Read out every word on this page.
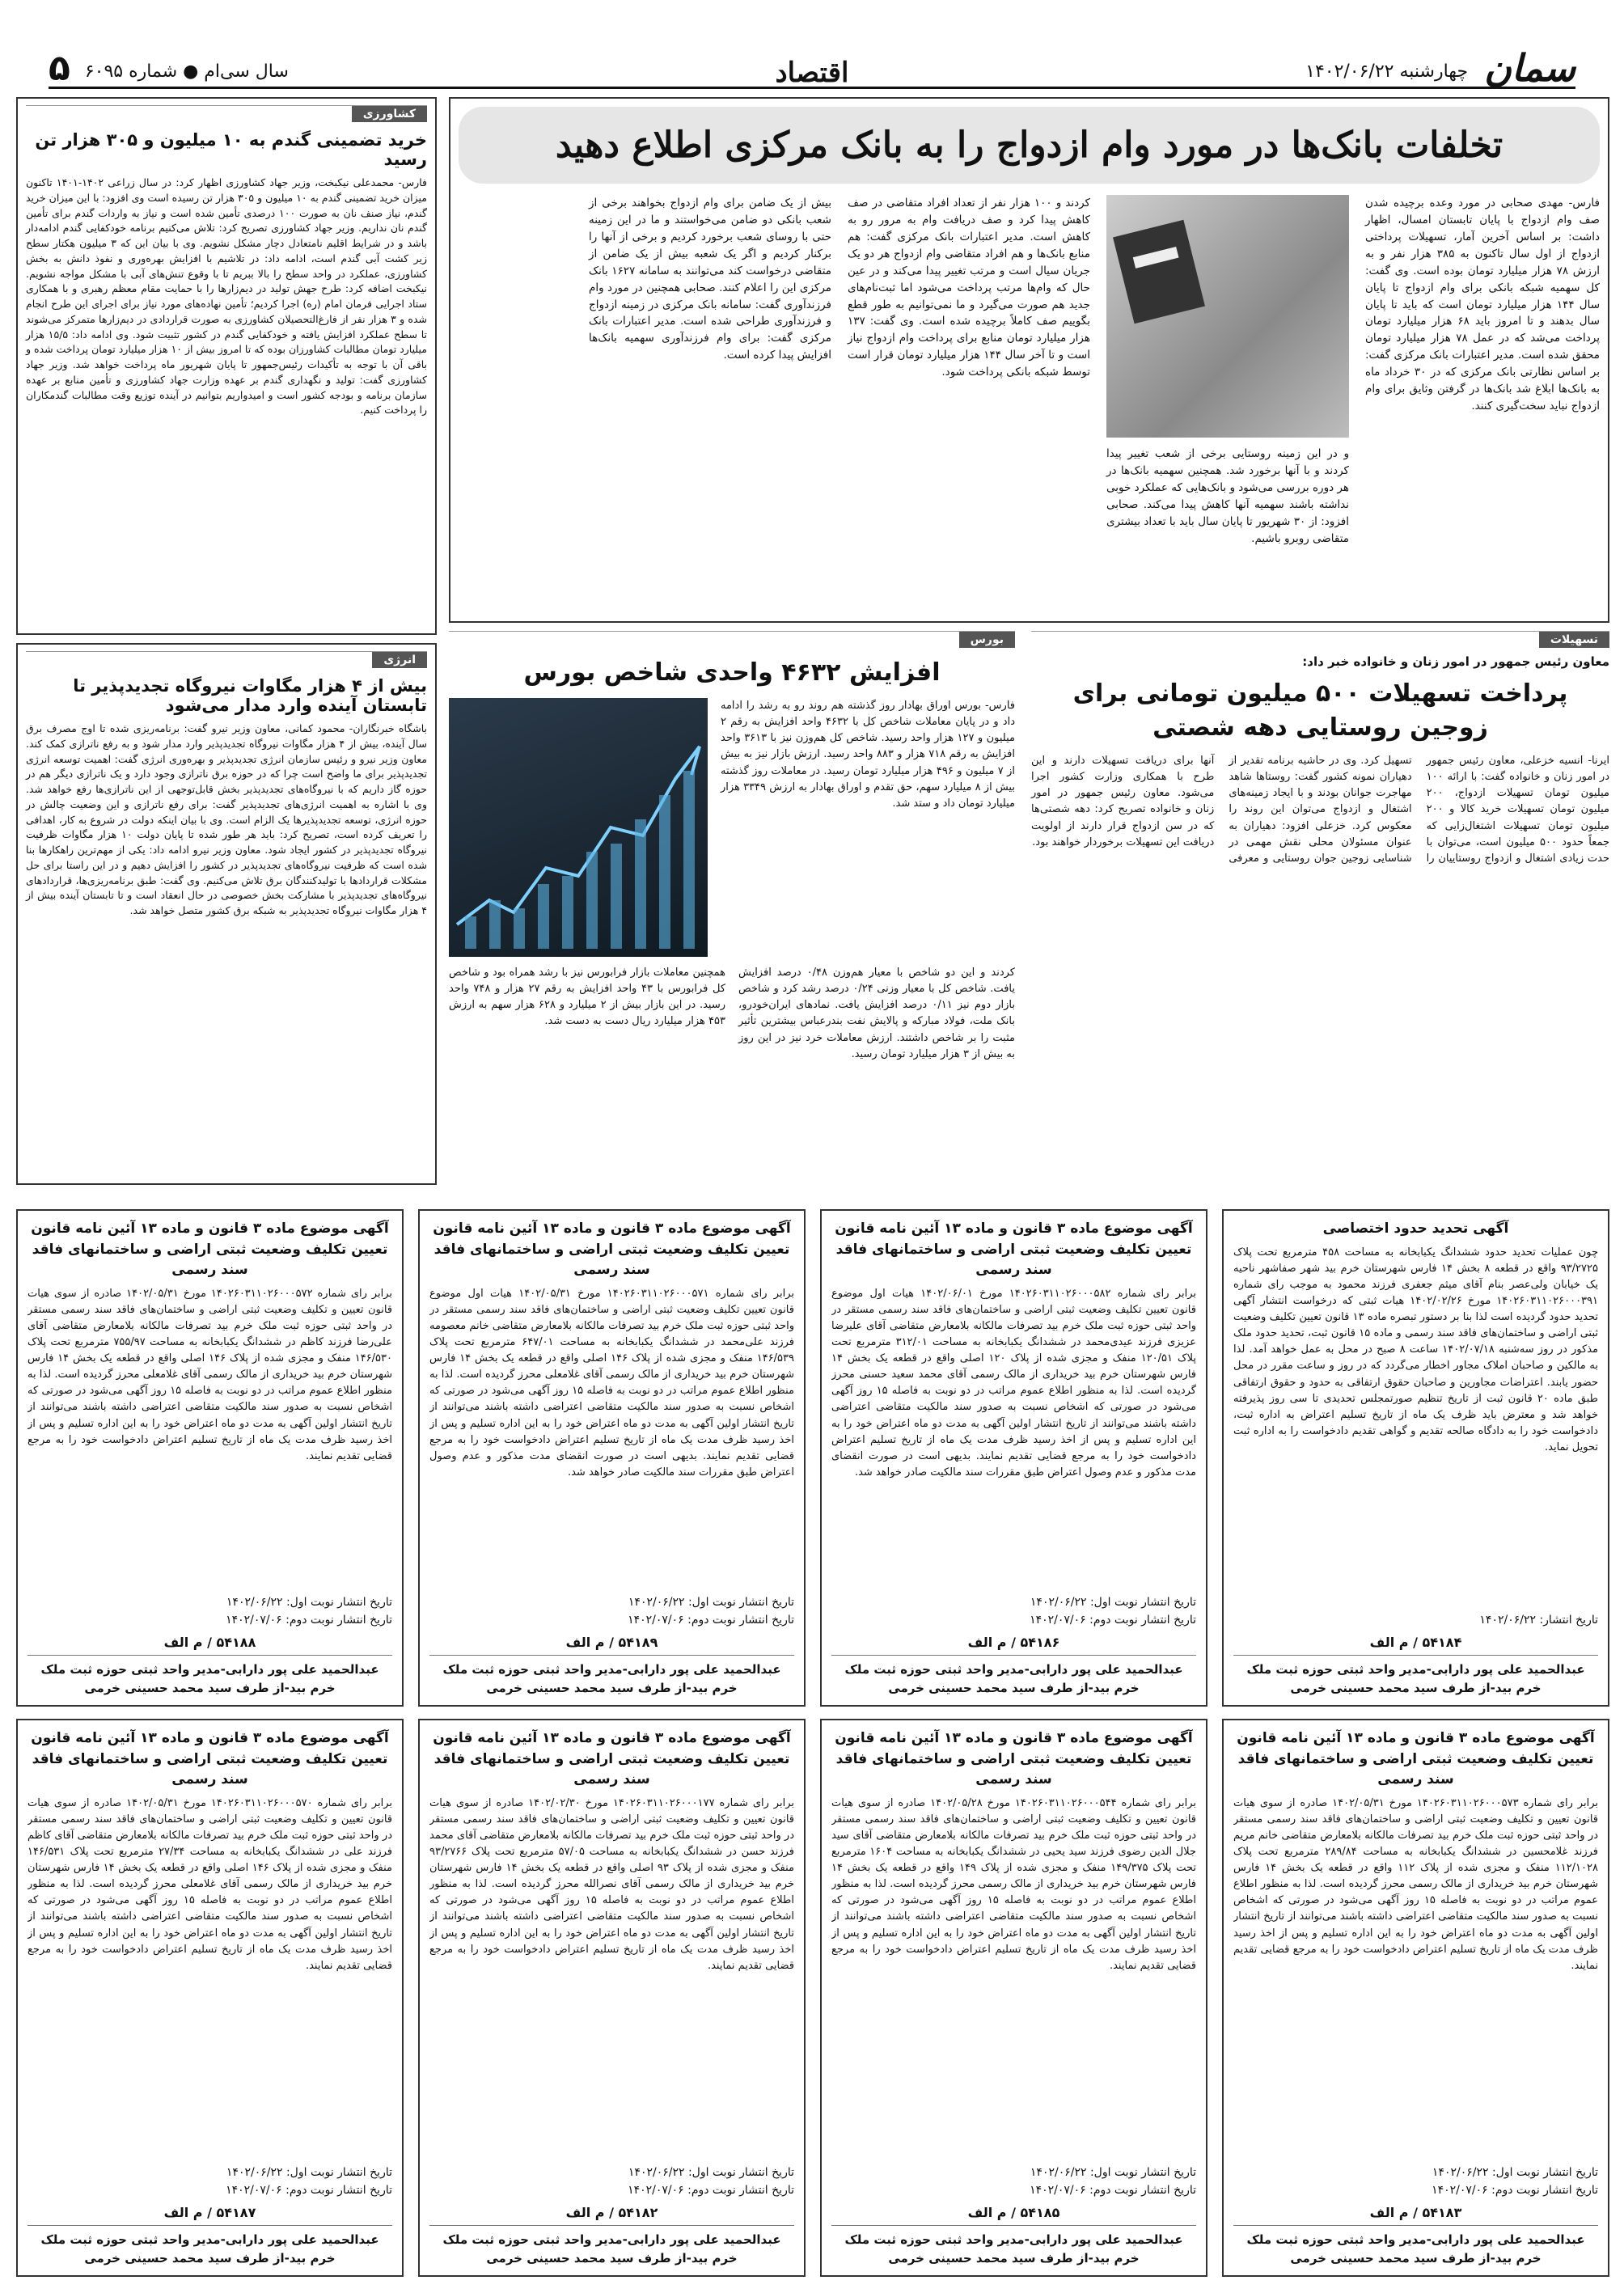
سمان
چهارشنبه ۱۴۰۲/۰۶/۲۲
اقتصاد
سال سی‌ام ● شماره ۶۰۹۵
۵
تخلفات بانک‌ها در مورد وام ازدواج را به بانک مرکزی اطلاع دهید

فارس- مهدی صحابی در مورد وعده برچیده شدن صف وام ازدواج با پایان تابستان امسال، اظهار داشت: بر اساس آخرین آمار، تسهیلات پرداختی ازدواج از اول سال تاکنون به ۳۸۵ هزار نفر و به ارزش ۷۸ هزار میلیارد تومان بوده است. وی گفت: کل سهمیه شبکه بانکی برای وام ازدواج تا پایان سال ۱۴۴ هزار میلیارد تومان است که باید تا پایان سال بدهند و تا امروز باید ۶۸ هزار میلیارد تومان پرداخت می‌شد که در عمل ۷۸ هزار میلیارد تومان محقق شده است. مدیر اعتبارات بانک مرکزی گفت: بر اساس نظارتی بانک مرکزی که در ۳۰ خرداد ماه به بانک‌ها ابلاغ شد بانک‌ها در گرفتن وثایق برای وام ازدواج نباید سخت‌گیری کنند.

و در این زمینه روستایی برخی از شعب تغییر پیدا کردند و با آنها برخورد شد. همچنین سهمیه بانک‌ها در هر دوره بررسی می‌شود و بانک‌هایی که عملکرد خوبی نداشته باشند سهمیه آنها کاهش پیدا می‌کند. صحابی افزود: از ۳۰ شهریور تا پایان سال باید با تعداد بیشتری متقاضی روبرو باشیم.

کردند و ۱۰۰ هزار نفر از تعداد افراد متقاضی در صف کاهش پیدا کرد و صف دریافت وام به مرور رو به کاهش است. مدیر اعتبارات بانک مرکزی گفت: هم منابع بانک‌ها و هم افراد متقاضی وام ازدواج هر دو یک جریان سیال است و مرتب تغییر پیدا می‌کند و در عین حال که وام‌ها مرتب پرداخت می‌شود اما ثبت‌نام‌های جدید هم صورت می‌گیرد و ما نمی‌توانیم به طور قطع بگوییم صف کاملاً برچیده شده است. وی گفت: ۱۳۷ هزار میلیارد تومان منابع برای پرداخت وام ازدواج نیاز است و تا آخر سال ۱۴۴ هزار میلیارد تومان قرار است توسط شبکه بانکی پرداخت شود.

بیش از یک ضامن برای وام ازدواج بخواهند برخی از شعب بانکی دو ضامن می‌خواستند و ما در این زمینه حتی با روسای شعب برخورد کردیم و برخی از آنها را برکنار کردیم و اگر یک شعبه بیش از یک ضامن از متقاضی درخواست کند می‌توانند به سامانه ۱۶۲۷ بانک مرکزی این را اعلام کنند. صحابی همچنین در مورد وام فرزندآوری گفت: سامانه بانک مرکزی در زمینه ازدواج و فرزندآوری طراحی شده است. مدیر اعتبارات بانک مرکزی گفت: برای وام فرزندآوری سهمیه بانک‌ها افزایش پیدا کرده است.

کشاورزی
خرید تضمینی گندم به ۱۰ میلیون و ۳۰۵ هزار تن رسید

فارس- محمدعلی نیکبخت، وزیر جهاد کشاورزی اظهار کرد: در سال زراعی ۱۴۰۲-۱۴۰۱ تاکنون میزان خرید تضمینی گندم به ۱۰ میلیون و ۳۰۵ هزار تن رسیده است وی افزود: با این میزان خرید گندم، نیاز صنف نان به صورت ۱۰۰ درصدی تأمین شده است و نیاز به واردات گندم برای تأمین گندم نان نداریم. وزیر جهاد کشاورزی تصریح کرد: تلاش می‌کنیم برنامه خودکفایی گندم ادامه‌دار باشد و در شرایط اقلیم نامتعادل دچار مشکل نشویم. وی با بیان این که ۳ میلیون هکتار سطح زیر کشت آبی گندم است، ادامه داد: در تلاشیم با افزایش بهره‌وری و نفوذ دانش به بخش کشاورزی، عملکرد در واحد سطح را بالا ببریم تا با وقوع تنش‌های آبی با مشکل مواجه نشویم. نیکبخت اضافه کرد: طرح جهش تولید در دیم‌زارها را با حمایت مقام معظم رهبری و با همکاری ستاد اجرایی فرمان امام (ره) اجرا کردیم؛ تأمین نهاده‌های مورد نیاز برای اجرای این طرح انجام شده و ۳ هزار نفر از فارغ‌التحصیلان کشاورزی به صورت قراردادی در دیم‌زارها متمرکز می‌شوند تا سطح عملکرد افزایش یافته و خودکفایی گندم در کشور تثبیت شود. وی ادامه داد: ۱۵/۵ هزار میلیارد تومان مطالبات کشاورزان بوده که تا امروز بیش از ۱۰ هزار میلیارد تومان پرداخت شده و باقی آن با توجه به تأکیدات رئیس‌جمهور تا پایان شهریور ماه پرداخت خواهد شد. وزیر جهاد کشاورزی گفت: تولید و نگهداری گندم بر عهده وزارت جهاد کشاورزی و تأمین منابع بر عهده سازمان برنامه و بودجه کشور است و امیدواریم بتوانیم در آینده توزیع وقت مطالبات گندمکاران را پرداخت کنیم.

انرژی
بیش از ۴ هزار مگاوات نیروگاه تجدیدپذیر تا تابستان آینده وارد مدار می‌شود

باشگاه خبرنگاران- محمود کمانی، معاون وزیر نیرو گفت: برنامه‌ریزی شده تا اوج مصرف برق سال آینده، بیش از ۴ هزار مگاوات نیروگاه تجدیدپذیر وارد مدار شود و به رفع ناترازی کمک کند. معاون وزیر نیرو و رئیس سازمان انرژی تجدیدپذیر و بهره‌وری انرژی گفت: اهمیت توسعه انرژی تجدیدپذیر برای ما واضح است چرا که در حوزه برق ناترازی وجود دارد و یک ناترازی دیگر هم در حوزه گاز داریم که با نیروگاه‌های تجدیدپذیر بخش قابل‌توجهی از این ناترازی‌ها رفع خواهد شد. وی با اشاره به اهمیت انرژی‌های تجدیدپذیر گفت: برای رفع ناترازی و این وضعیت چالش در حوزه انرژی، توسعه تجدیدپذیرها یک الزام است. وی با بیان اینکه دولت در شروع به کار، اهدافی را تعریف کرده است، تصریح کرد: باید هر طور شده تا پایان دولت ۱۰ هزار مگاوات ظرفیت نیروگاه تجدیدپذیر در کشور ایجاد شود. معاون وزیر نیرو ادامه داد: یکی از مهم‌ترین راهکارها بنا شده است که ظرفیت نیروگاه‌های تجدیدپذیر در کشور را افزایش دهیم و در این راستا برای حل مشکلات قراردادها با تولیدکنندگان برق تلاش می‌کنیم. وی گفت: طبق برنامه‌ریزی‌ها، قراردادهای نیروگاه‌های تجدیدپذیر با مشارکت بخش خصوصی در حال انعقاد است و تا تابستان آینده بیش از ۴ هزار مگاوات نیروگاه تجدیدپذیر به شبکه برق کشور متصل خواهد شد.

تسهیلات
معاون رئیس جمهور در امور زنان و خانواده خبر داد:
پرداخت تسهیلات ۵۰۰ میلیون تومانی برای زوجین روستایی دهه شصتی

ایرنا- انسیه خزعلی، معاون رئیس جمهور در امور زنان و خانواده گفت: با ارائه ۱۰۰ میلیون تومان تسهیلات ازدواج، ۲۰۰ میلیون تومان تسهیلات خرید کالا و ۲۰۰ میلیون تومان تسهیلات اشتغال‌زایی که جمعاً حدود ۵۰۰ میلیون است، می‌توان با حدت زیادی اشتغال و ازدواج روستاییان را تسهیل کرد. وی در حاشیه برنامه تقدیر از دهیاران نمونه کشور گفت: روستاها شاهد مهاجرت جوانان بودند و با ایجاد زمینه‌های اشتغال و ازدواج می‌توان این روند را معکوس کرد. خزعلی افزود: دهیاران به عنوان مسئولان محلی نقش مهمی در شناسایی زوجین جوان روستایی و معرفی آنها برای دریافت تسهیلات دارند و این طرح با همکاری وزارت کشور اجرا می‌شود. معاون رئیس جمهور در امور زنان و خانواده تصریح کرد: دهه شصتی‌ها که در سن ازدواج قرار دارند از اولویت دریافت این تسهیلات برخوردار خواهند بود.

بورس
افزایش ۴۶۳۲ واحدی شاخص بورس

فارس- بورس اوراق بهادار روز گذشته هم روند رو به رشد را ادامه داد و در پایان معاملات شاخص کل با ۴۶۳۲ واحد افزایش به رقم ۲ میلیون و ۱۲۷ هزار واحد رسید. شاخص کل هم‌وزن نیز با ۳۶۱۳ واحد افزایش به رقم ۷۱۸ هزار و ۸۸۳ واحد رسید. ارزش بازار نیز به بیش از ۷ میلیون و ۴۹۶ هزار میلیارد تومان رسید. در معاملات روز گذشته بیش از ۸ میلیارد سهم، حق تقدم و اوراق بهادار به ارزش ۳۳۴۹ هزار میلیارد تومان داد و ستد شد.

کردند و این دو شاخص با معیار هم‌وزن ۰/۴۸ درصد افزایش یافت. شاخص کل با معیار وزنی ۰/۲۴ درصد رشد کرد و شاخص بازار دوم نیز ۰/۱۱ درصد افزایش یافت. نمادهای ایران‌خودرو، بانک ملت، فولاد مبارکه و پالایش نفت بندرعباس بیشترین تأثیر مثبت را بر شاخص داشتند. ارزش معاملات خرد نیز در این روز به بیش از ۳ هزار میلیارد تومان رسید.

همچنین معاملات بازار فرابورس نیز با رشد همراه بود و شاخص کل فرابورس با ۴۳ واحد افزایش به رقم ۲۷ هزار و ۷۴۸ واحد رسید. در این بازار بیش از ۲ میلیارد و ۶۲۸ هزار سهم به ارزش ۴۵۳ هزار میلیارد ریال دست به دست شد.

آگهی تحدید حدود اختصاصی
چون عملیات تحدید حدود ششدانگ یکبابخانه به مساحت ۴۵۸ مترمربع تحت پلاک ۹۳/۲۷۲۵ واقع در قطعه ۸ بخش ۱۴ فارس شهرستان خرم بید شهر صفاشهر ناحیه یک خیابان ولی‌عصر بنام آقای میثم جعفری فرزند محمود به موجب رای شماره ۱۴۰۲۶۰۳۱۱۰۲۶۰۰۰۳۹۱ مورخ ۱۴۰۲/۰۲/۲۶ هیات ثبتی که درخواست انتشار آگهی تحدید حدود گردیده است لذا بنا بر دستور تبصره ماده ۱۳ قانون تعیین تکلیف وضعیت ثبتی اراضی و ساختمان‌های فاقد سند رسمی و ماده ۱۵ قانون ثبت، تحدید حدود ملک مذکور در روز سه‌شنبه ۱۴۰۲/۰۷/۱۸ ساعت ۸ صبح در محل به عمل خواهد آمد. لذا به مالکین و صاحبان املاک مجاور اخطار می‌گردد که در روز و ساعت مقرر در محل حضور یابند. اعتراضات مجاورین و صاحبان حقوق ارتفاقی به حدود و حقوق ارتفاقی طبق ماده ۲۰ قانون ثبت از تاریخ تنظیم صورتمجلس تحدیدی تا سی روز پذیرفته خواهد شد و معترض باید ظرف یک ماه از تاریخ تسلیم اعتراض به اداره ثبت، دادخواست خود را به دادگاه صالحه تقدیم و گواهی تقدیم دادخواست را به اداره ثبت تحویل نماید.
تاریخ انتشار: ۱۴۰۲/۰۶/۲۲
۵۴۱۸۴ / م الف
عبدالحمید علی پور دارابی-مدیر واحد ثبتی حوزه ثبت ملک خرم بید-از طرف سید محمد حسینی خرمی
آگهی موضوع ماده ۳ قانون و ماده ۱۳ آئین نامه قانون تعیین تکلیف وضعیت ثبتی اراضی و ساختمانهای فاقد سند رسمی
برابر رای شماره ۱۴۰۲۶۰۳۱۱۰۲۶۰۰۰۵۸۲ مورخ ۱۴۰۲/۰۶/۰۱ هیات اول موضوع قانون تعیین تکلیف وضعیت ثبتی اراضی و ساختمان‌های فاقد سند رسمی مستقر در واحد ثبتی حوزه ثبت ملک خرم بید تصرفات مالکانه بلامعارض متقاضی آقای علیرضا عزیزی فرزند عیدی‌محمد در ششدانگ یکبابخانه به مساحت ۳۱۲/۰۱ مترمربع تحت پلاک ۱۲۰/۵۱ منفک و مجزی شده از پلاک ۱۲۰ اصلی واقع در قطعه یک بخش ۱۴ فارس شهرستان خرم بید خریداری از مالک رسمی آقای محمد سعید حسنی محرز گردیده است. لذا به منظور اطلاع عموم مراتب در دو نوبت به فاصله ۱۵ روز آگهی می‌شود در صورتی که اشخاص نسبت به صدور سند مالکیت متقاضی اعتراضی داشته باشند می‌توانند از تاریخ انتشار اولین آگهی به مدت دو ماه اعتراض خود را به این اداره تسلیم و پس از اخذ رسید ظرف مدت یک ماه از تاریخ تسلیم اعتراض دادخواست خود را به مرجع قضایی تقدیم نمایند. بدیهی است در صورت انقضای مدت مذکور و عدم وصول اعتراض طبق مقررات سند مالکیت صادر خواهد شد.
تاریخ انتشار نوبت اول: ۱۴۰۲/۰۶/۲۲
تاریخ انتشار نوبت دوم: ۱۴۰۲/۰۷/۰۶
۵۴۱۸۶ / م الف
عبدالحمید علی پور دارابی-مدیر واحد ثبتی حوزه ثبت ملک خرم بید-از طرف سید محمد حسینی خرمی
آگهی موضوع ماده ۳ قانون و ماده ۱۳ آئین نامه قانون تعیین تکلیف وضعیت ثبتی اراضی و ساختمانهای فاقد سند رسمی
برابر رای شماره ۱۴۰۲۶۰۳۱۱۰۲۶۰۰۰۵۷۱ مورخ ۱۴۰۲/۰۵/۳۱ هیات اول موضوع قانون تعیین تکلیف وضعیت ثبتی اراضی و ساختمان‌های فاقد سند رسمی مستقر در واحد ثبتی حوزه ثبت ملک خرم بید تصرفات مالکانه بلامعارض متقاضی خانم معصومه فرزند علی‌محمد در ششدانگ یکبابخانه به مساحت ۶۴۷/۰۱ مترمربع تحت پلاک ۱۴۶/۵۳۹ منفک و مجزی شده از پلاک ۱۴۶ اصلی واقع در قطعه یک بخش ۱۴ فارس شهرستان خرم بید خریداری از مالک رسمی آقای غلامعلی محرز گردیده است. لذا به منظور اطلاع عموم مراتب در دو نوبت به فاصله ۱۵ روز آگهی می‌شود در صورتی که اشخاص نسبت به صدور سند مالکیت متقاضی اعتراضی داشته باشند می‌توانند از تاریخ انتشار اولین آگهی به مدت دو ماه اعتراض خود را به این اداره تسلیم و پس از اخذ رسید ظرف مدت یک ماه از تاریخ تسلیم اعتراض دادخواست خود را به مرجع قضایی تقدیم نمایند. بدیهی است در صورت انقضای مدت مذکور و عدم وصول اعتراض طبق مقررات سند مالکیت صادر خواهد شد.
تاریخ انتشار نوبت اول: ۱۴۰۲/۰۶/۲۲
تاریخ انتشار نوبت دوم: ۱۴۰۲/۰۷/۰۶
۵۴۱۸۹ / م الف
عبدالحمید علی پور دارابی-مدیر واحد ثبتی حوزه ثبت ملک خرم بید-از طرف سید محمد حسینی خرمی
آگهی موضوع ماده ۳ قانون و ماده ۱۳ آئین نامه قانون تعیین تکلیف وضعیت ثبتی اراضی و ساختمانهای فاقد سند رسمی
برابر رای شماره ۱۴۰۲۶۰۳۱۱۰۲۶۰۰۰۵۷۲ مورخ ۱۴۰۲/۰۵/۳۱ صادره از سوی هیات قانون تعیین و تکلیف وضعیت ثبتی اراضی و ساختمان‌های فاقد سند رسمی مستقر در واحد ثبتی حوزه ثبت ملک خرم بید تصرفات مالکانه بلامعارض متقاضی آقای علی‌رضا فرزند کاظم در ششدانگ یکبابخانه به مساحت ۷۵۵/۹۷ مترمربع تحت پلاک ۱۴۶/۵۳۰ منفک و مجزی شده از پلاک ۱۴۶ اصلی واقع در قطعه یک بخش ۱۴ فارس شهرستان خرم بید خریداری از مالک رسمی آقای غلامعلی محرز گردیده است. لذا به منظور اطلاع عموم مراتب در دو نوبت به فاصله ۱۵ روز آگهی می‌شود در صورتی که اشخاص نسبت به صدور سند مالکیت متقاضی اعتراضی داشته باشند می‌توانند از تاریخ انتشار اولین آگهی به مدت دو ماه اعتراض خود را به این اداره تسلیم و پس از اخذ رسید ظرف مدت یک ماه از تاریخ تسلیم اعتراض دادخواست خود را به مرجع قضایی تقدیم نمایند.
تاریخ انتشار نوبت اول: ۱۴۰۲/۰۶/۲۲
تاریخ انتشار نوبت دوم: ۱۴۰۲/۰۷/۰۶
۵۴۱۸۸ / م الف
عبدالحمید علی پور دارابی-مدیر واحد ثبتی حوزه ثبت ملک خرم بید-از طرف سید محمد حسینی خرمی
آگهی موضوع ماده ۳ قانون و ماده ۱۳ آئین نامه قانون تعیین تکلیف وضعیت ثبتی اراضی و ساختمانهای فاقد سند رسمی
برابر رای شماره ۱۴۰۲۶۰۳۱۱۰۲۶۰۰۰۵۷۳ مورخ ۱۴۰۲/۰۵/۳۱ صادره از سوی هیات قانون تعیین و تکلیف وضعیت ثبتی اراضی و ساختمان‌های فاقد سند رسمی مستقر در واحد ثبتی حوزه ثبت ملک خرم بید تصرفات مالکانه بلامعارض متقاضی خانم مریم فرزند غلامحسین در ششدانگ یکبابخانه به مساحت ۲۸۹/۸۴ مترمربع تحت پلاک ۱۱۲/۱۰۲۸ منفک و مجزی شده از پلاک ۱۱۲ واقع در قطعه یک بخش ۱۴ فارس شهرستان خرم بید خریداری از مالک رسمی محرز گردیده است. لذا به منظور اطلاع عموم مراتب در دو نوبت به فاصله ۱۵ روز آگهی می‌شود در صورتی که اشخاص نسبت به صدور سند مالکیت متقاضی اعتراضی داشته باشند می‌توانند از تاریخ انتشار اولین آگهی به مدت دو ماه اعتراض خود را به این اداره تسلیم و پس از اخذ رسید ظرف مدت یک ماه از تاریخ تسلیم اعتراض دادخواست خود را به مرجع قضایی تقدیم نمایند.
تاریخ انتشار نوبت اول: ۱۴۰۲/۰۶/۲۲
تاریخ انتشار نوبت دوم: ۱۴۰۲/۰۷/۰۶
۵۴۱۸۳ / م الف
عبدالحمید علی پور دارابی-مدیر واحد ثبتی حوزه ثبت ملک خرم بید-از طرف سید محمد حسینی خرمی
آگهی موضوع ماده ۳ قانون و ماده ۱۳ آئین نامه قانون تعیین تکلیف وضعیت ثبتی اراضی و ساختمانهای فاقد سند رسمی
برابر رای شماره ۱۴۰۲۶۰۳۱۱۰۲۶۰۰۰۵۴۴ مورخ ۱۴۰۲/۰۵/۲۸ صادره از سوی هیات قانون تعیین و تکلیف وضعیت ثبتی اراضی و ساختمان‌های فاقد سند رسمی مستقر در واحد ثبتی حوزه ثبت ملک خرم بید تصرفات مالکانه بلامعارض متقاضی آقای سید جلال الدین رضوی فرزند سید یحیی در ششدانگ یکبابخانه به مساحت ۱۶۰۴ مترمربع تحت پلاک ۱۴۹/۳۷۵ منفک و مجزی شده از پلاک ۱۴۹ واقع در قطعه یک بخش ۱۴ فارس شهرستان خرم بید خریداری از مالک رسمی محرز گردیده است. لذا به منظور اطلاع عموم مراتب در دو نوبت به فاصله ۱۵ روز آگهی می‌شود در صورتی که اشخاص نسبت به صدور سند مالکیت متقاضی اعتراضی داشته باشند می‌توانند از تاریخ انتشار اولین آگهی به مدت دو ماه اعتراض خود را به این اداره تسلیم و پس از اخذ رسید ظرف مدت یک ماه از تاریخ تسلیم اعتراض دادخواست خود را به مرجع قضایی تقدیم نمایند.
تاریخ انتشار نوبت اول: ۱۴۰۲/۰۶/۲۲
تاریخ انتشار نوبت دوم: ۱۴۰۲/۰۷/۰۶
۵۴۱۸۵ / م الف
عبدالحمید علی پور دارابی-مدیر واحد ثبتی حوزه ثبت ملک خرم بید-از طرف سید محمد حسینی خرمی
آگهی موضوع ماده ۳ قانون و ماده ۱۳ آئین نامه قانون تعیین تکلیف وضعیت ثبتی اراضی و ساختمانهای فاقد سند رسمی
برابر رای شماره ۱۴۰۲۶۰۳۱۱۰۲۶۰۰۰۱۷۷ مورخ ۱۴۰۲/۰۲/۳۰ صادره از سوی هیات قانون تعیین و تکلیف وضعیت ثبتی اراضی و ساختمان‌های فاقد سند رسمی مستقر در واحد ثبتی حوزه ثبت ملک خرم بید تصرفات مالکانه بلامعارض متقاضی آقای محمد فرزند حسن در ششدانگ یکبابخانه به مساحت ۵۷/۰۵ مترمربع تحت پلاک ۹۳/۲۷۶۶ منفک و مجزی شده از پلاک ۹۳ اصلی واقع در قطعه یک بخش ۱۴ فارس شهرستان خرم بید خریداری از مالک رسمی آقای نصرالله محرز گردیده است. لذا به منظور اطلاع عموم مراتب در دو نوبت به فاصله ۱۵ روز آگهی می‌شود در صورتی که اشخاص نسبت به صدور سند مالکیت متقاضی اعتراضی داشته باشند می‌توانند از تاریخ انتشار اولین آگهی به مدت دو ماه اعتراض خود را به این اداره تسلیم و پس از اخذ رسید ظرف مدت یک ماه از تاریخ تسلیم اعتراض دادخواست خود را به مرجع قضایی تقدیم نمایند.
تاریخ انتشار نوبت اول: ۱۴۰۲/۰۶/۲۲
تاریخ انتشار نوبت دوم: ۱۴۰۲/۰۷/۰۶
۵۴۱۸۲ / م الف
عبدالحمید علی پور دارابی-مدیر واحد ثبتی حوزه ثبت ملک خرم بید-از طرف سید محمد حسینی خرمی
آگهی موضوع ماده ۳ قانون و ماده ۱۳ آئین نامه قانون تعیین تکلیف وضعیت ثبتی اراضی و ساختمانهای فاقد سند رسمی
برابر رای شماره ۱۴۰۲۶۰۳۱۱۰۲۶۰۰۰۵۷۰ مورخ ۱۴۰۲/۰۵/۳۱ صادره از سوی هیات قانون تعیین و تکلیف وضعیت ثبتی اراضی و ساختمان‌های فاقد سند رسمی مستقر در واحد ثبتی حوزه ثبت ملک خرم بید تصرفات مالکانه بلامعارض متقاضی آقای کاظم فرزند علی در ششدانگ یکبابخانه به مساحت ۲۷/۳۴ مترمربع تحت پلاک ۱۴۶/۵۳۱ منفک و مجزی شده از پلاک ۱۴۶ اصلی واقع در قطعه یک بخش ۱۴ فارس شهرستان خرم بید خریداری از مالک رسمی آقای غلامعلی محرز گردیده است. لذا به منظور اطلاع عموم مراتب در دو نوبت به فاصله ۱۵ روز آگهی می‌شود در صورتی که اشخاص نسبت به صدور سند مالکیت متقاضی اعتراضی داشته باشند می‌توانند از تاریخ انتشار اولین آگهی به مدت دو ماه اعتراض خود را به این اداره تسلیم و پس از اخذ رسید ظرف مدت یک ماه از تاریخ تسلیم اعتراض دادخواست خود را به مرجع قضایی تقدیم نمایند.
تاریخ انتشار نوبت اول: ۱۴۰۲/۰۶/۲۲
تاریخ انتشار نوبت دوم: ۱۴۰۲/۰۷/۰۶
۵۴۱۸۷ / م الف
عبدالحمید علی پور دارابی-مدیر واحد ثبتی حوزه ثبت ملک خرم بید-از طرف سید محمد حسینی خرمی
